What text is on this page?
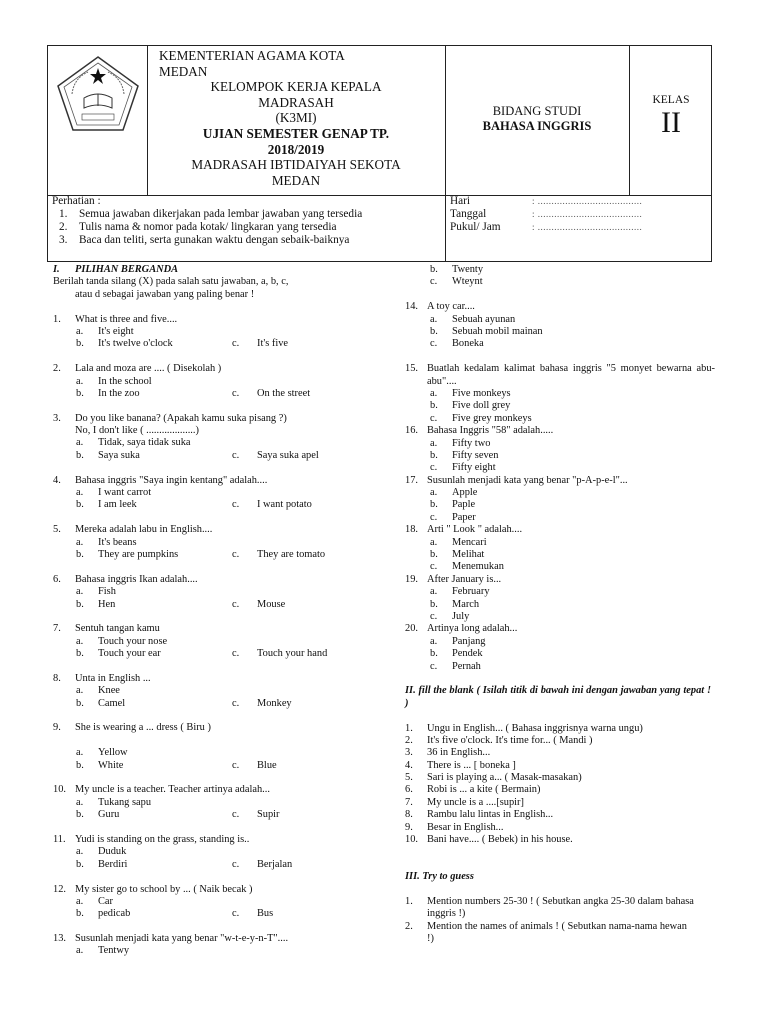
KEMENTERIAN AGAMA KOTA
MEDAN
KELOMPOK KERJA KEPALA
MADRASAH
(K3MI)
UJIAN SEMESTER GENAP TP.
2018/2019
MADRASAH IBTIDAIYAH SEKOTA
MEDAN
BIDANG STUDI
BAHASA INGGRIS
KELAS
II
Perhatian :
1.	Semua jawaban dikerjakan pada lembar jawaban yang tersedia
2.	Tulis nama & nomor pada kotak/ lingkaran yang tersedia
3.	Baca dan teliti, serta gunakan waktu dengan sebaik-baiknya
Hari	: ......................................
Tanggal	: ......................................
Pukul/ Jam	: ......................................
I. PILIHAN BERGANDA
Berilah tanda silang (X) pada salah satu jawaban, a, b, c,
atau d sebagai jawaban yang paling benar !
1. What is three and five....
a. It's eight
b. It's twelve o'clock	c. It's five
2. Lala and moza are .... ( Disekolah )
a. In the school
b. In the zoo	c. On the street
3. Do you like banana? (Apakah kamu suka pisang ?)
No, I don't like ( ...................)
a. Tidak, saya tidak suka
b. Saya suka	c. Saya suka apel
4. Bahasa inggris "Saya ingin kentang" adalah....
a. I want carrot
b. I am leek	c. I want potato
5. Mereka adalah labu in English....
a. It's beans
b. They are pumpkins	c. They are tomato
6. Bahasa inggris Ikan adalah....
a. Fish
b. Hen	c. Mouse
7. Sentuh tangan kamu
a. Touch your nose
b. Touch your ear	c. Touch your hand
8. Unta in English ...
a. Knee
b. Camel	c. Monkey
9. She is wearing a ... dress ( Biru )
a. Yellow
b. White	c. Blue
10. My uncle is a teacher. Teacher artinya adalah...
a. Tukang sapu
b. Guru	c. Supir
11. Yudi is standing on the grass, standing is..
a. Duduk
b. Berdiri	c. Berjalan
12. My sister go to school by ... ( Naik becak )
a. Car
b. pedicab	c. Bus
13. Susunlah menjadi kata yang benar "w-t-e-y-n-T"....
a. Tentwy
b. Twenty
c. Wteynt
14. A toy car....
a. Sebuah ayunan
b. Sebuah mobil mainan
c. Boneka
15. Buatlah kedalam kalimat bahasa inggris "5 monyet bewarna abu-abu"....
a. Five monkeys
b. Five doll grey
c. Five grey monkeys
16. Bahasa Inggris "58" adalah.....
a. Fifty two
b. Fifty seven
c. Fifty eight
17. Susunlah menjadi kata yang benar "p-A-p-e-l"...
a. Apple
b. Paple
c. Paper
18. Arti " Look " adalah....
a. Mencari
b. Melihat
c. Menemukan
19. After January is...
a. February
b. March
c. July
20. Artinya long adalah...
a. Panjang
b. Pendek
c. Pernah
II. fill the blank ( Isilah titik di bawah ini dengan jawaban yang tepat ! )
1. Ungu in English... ( Bahasa inggrisnya warna ungu)
2. It's five o'clock. It's time for... ( Mandi )
3. 36 in English...
4. There is ... [ boneka ]
5. Sari is playing a... ( Masak-masakan)
6. Robi is ... a kite ( Bermain)
7. My uncle is a ....[supir]
8. Rambu lalu lintas in English...
9. Besar in English...
10. Bani have.... ( Bebek) in his house.
III. Try to guess
1. Mention numbers 25-30 ! ( Sebutkan angka 25-30 dalam bahasa inggris !)
2. Mention the names of animals ! ( Sebutkan nama-nama hewan !)
